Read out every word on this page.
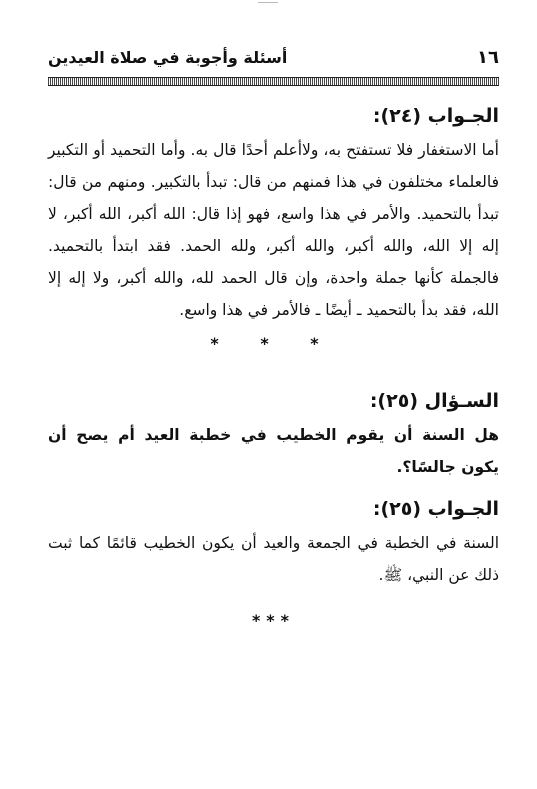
أسئلة وأجوبة في صلاة العيدين	١٦
الجـواب (٢٤):

أما الاستغفار فلا تستفتح به، ولاأعلم أحدًا قال به. وأما التحميد أو التكبير فالعلماء مختلفون في هذا فمنهم من قال: تبدأ بالتكبير. ومنهم من قال: تبدأ بالتحميد. والأمر في هذا واسع، فهو إذا قال: الله أكبر، الله أكبر، لا إله إلا الله، والله أكبر، والله أكبر، ولله الحمد. فقد ابتدأ بالتحميد. فالجملة كأنها جملة واحدة، وإن قال الحمد لله، والله أكبر، ولا إله إلا الله، فقد بدأ بالتحميد ـ أيضًا ـ فالأمر في هذا واسع.

* * *
السـؤال (٢٥):

هل السنة أن يقوم الخطيب في خطبة العيد أم يصح أن يكون جالسًا؟.

الجـواب (٢٥):

السنة في الخطبة في الجمعة والعيد أن يكون الخطيب قائمًا كما ثبت ذلك عن النبي، ﷺ.

***
